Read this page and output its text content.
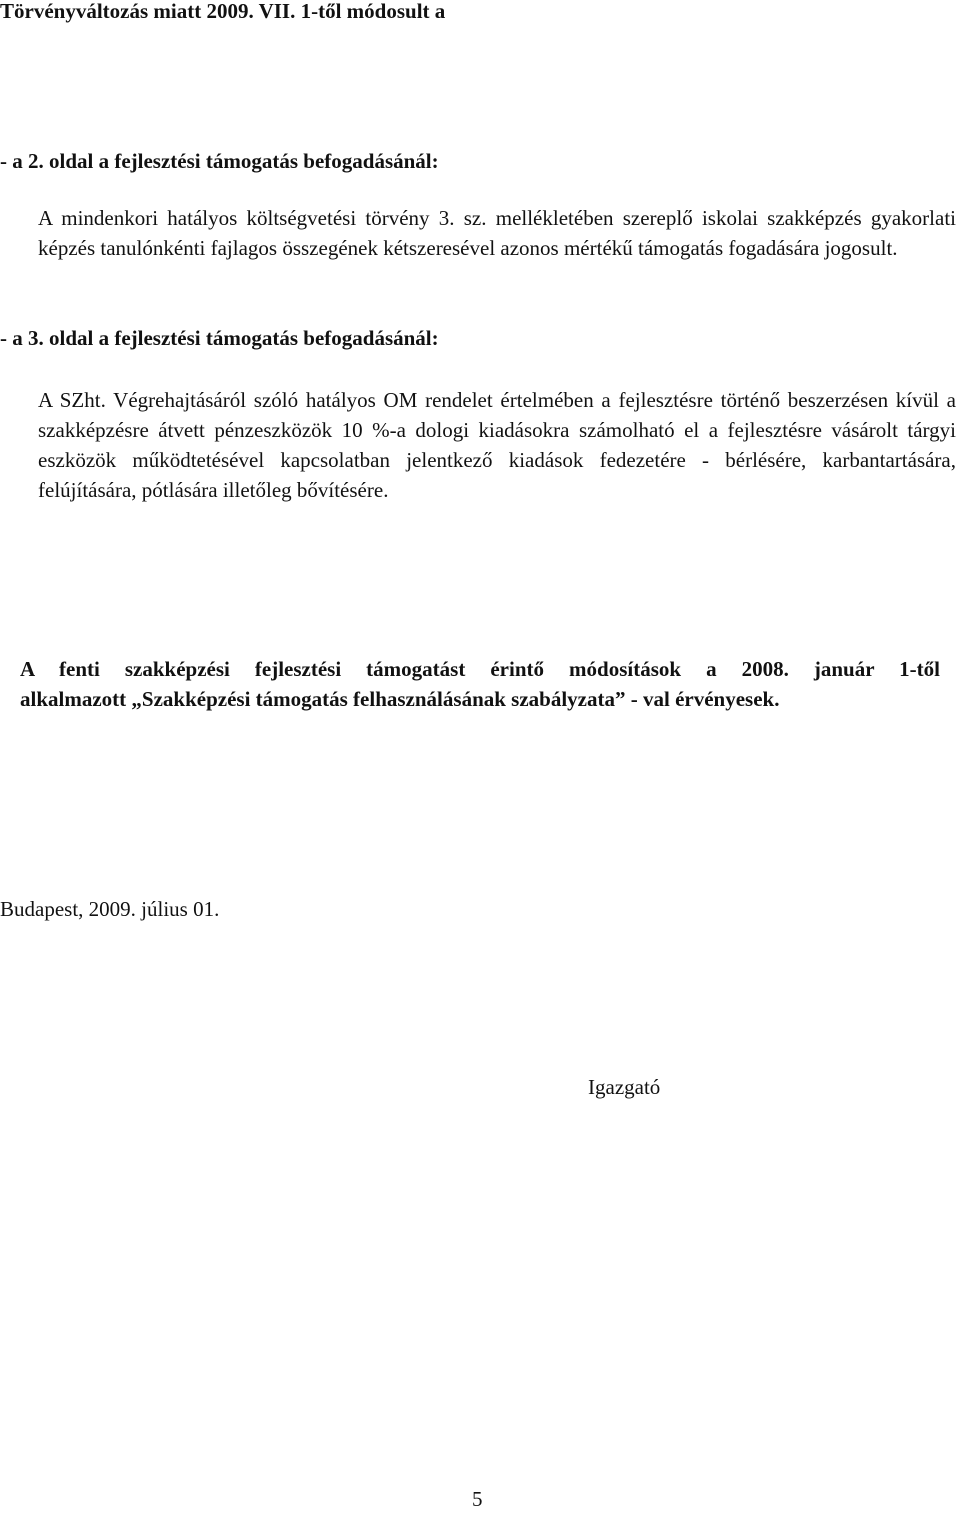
Törvényváltozás miatt 2009. VII. 1-től módosult a

- a 2. oldal a fejlesztési támogatás befogadásánál:

A mindenkori hatályos költségvetési törvény 3. sz. mellékletében szereplő iskolai szakképzés gyakorlati képzés tanulónkénti fajlagos összegének kétszeresével azonos mértékű támogatás fogadására jogosult.

- a 3. oldal a fejlesztési támogatás befogadásánál:

A SZht. Végrehajtásáról szóló hatályos OM rendelet értelmében a fejlesztésre történő beszerzésen kívül a szakképzésre átvett pénzeszközök 10 %-a dologi kiadásokra számolható el a fejlesztésre vásárolt tárgyi eszközök működtetésével kapcsolatban jelentkező kiadások fedezetére - bérlésére, karbantartására, felújítására, pótlására illetőleg bővítésére.

A fenti szakképzési fejlesztési támogatást érintő módosítások a 2008. január 1-től
alkalmazott „Szakképzési támogatás felhasználásának szabályzata” - val érvényesek.

Budapest, 2009. július 01.

Igazgató

5
